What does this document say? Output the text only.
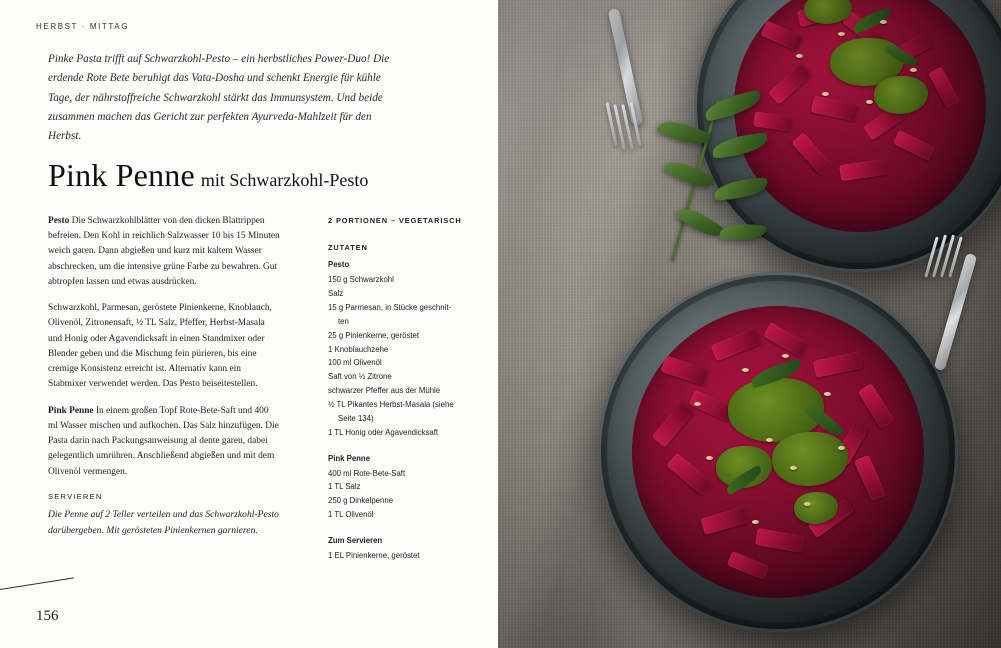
HERBST · MITTAG
Pinke Pasta trifft auf Schwarzkohl-Pesto – ein herbstliches Power-Duo! Die erdende Rote Bete beruhigt das Vata-Dosha und schenkt Energie für kühle Tage, der nährstoffreiche Schwarzkohl stärkt das Immunsystem. Und beide zusammen machen das Gericht zur perfekten Ayurveda-Mahlzeit für den Herbst.
Pink Penne mit Schwarzkohl-Pesto

Pesto Die Schwarzkohlblätter von den dicken Blattrippen befreien. Den Kohl in reichlich Salzwasser 10 bis 15 Minuten weich garen. Dann abgießen und kurz mit kaltem Wasser abschrecken, um die intensive grüne Farbe zu bewahren. Gut abtropfen lassen und etwas ausdrücken.

Schwarzkohl, Parmesan, geröstete Pinienkerne, Knoblauch, Olivenöl, Zitronensaft, ½ TL Salz, Pfeffer, Herbst-Masala und Honig oder Agavendicksaft in einen Standmixer oder Blender geben und die Mischung fein pürieren, bis eine cremige Konsistenz erreicht ist. Alternativ kann ein Stabmixer verwendet werden. Das Pesto beiseitestellen.

Pink Penne In einem großen Topf Rote-Bete-Saft und 400 ml Wasser mischen und aufkochen. Das Salz hinzufügen. Die Pasta darin nach Packungsanweisung al dente garen, dabei gelegentlich umrühren. Anschließend abgießen und mit dem Olivenöl vermengen.

SERVIEREN
Die Penne auf 2 Teller verteilen und das Schwarzkohl-Pesto darübergeben. Mit gerösteten Pinienkernen garnieren.
2 PORTIONEN – VEGETARISCH
ZUTATEN
Pesto
150 g Schwarzkohl
Salz
15 g Parmesan, in Stücke geschnit-
ten
25 g Pinienkerne, geröstet
1 Knoblauchzehe
100 ml Olivenöl
Saft von ½ Zitrone
schwarzer Pfeffer aus der Mühle
½ TL Pikantes Herbst-Masala (siehe
Seite 134)
1 TL Honig oder Agavendicksaft
Pink Penne
400 ml Rote-Bete-Saft
1 TL Salz
250 g Dinkelpenne
1 TL Olivenöl
Zum Servieren
1 EL Pinienkerne, geröstet
156
